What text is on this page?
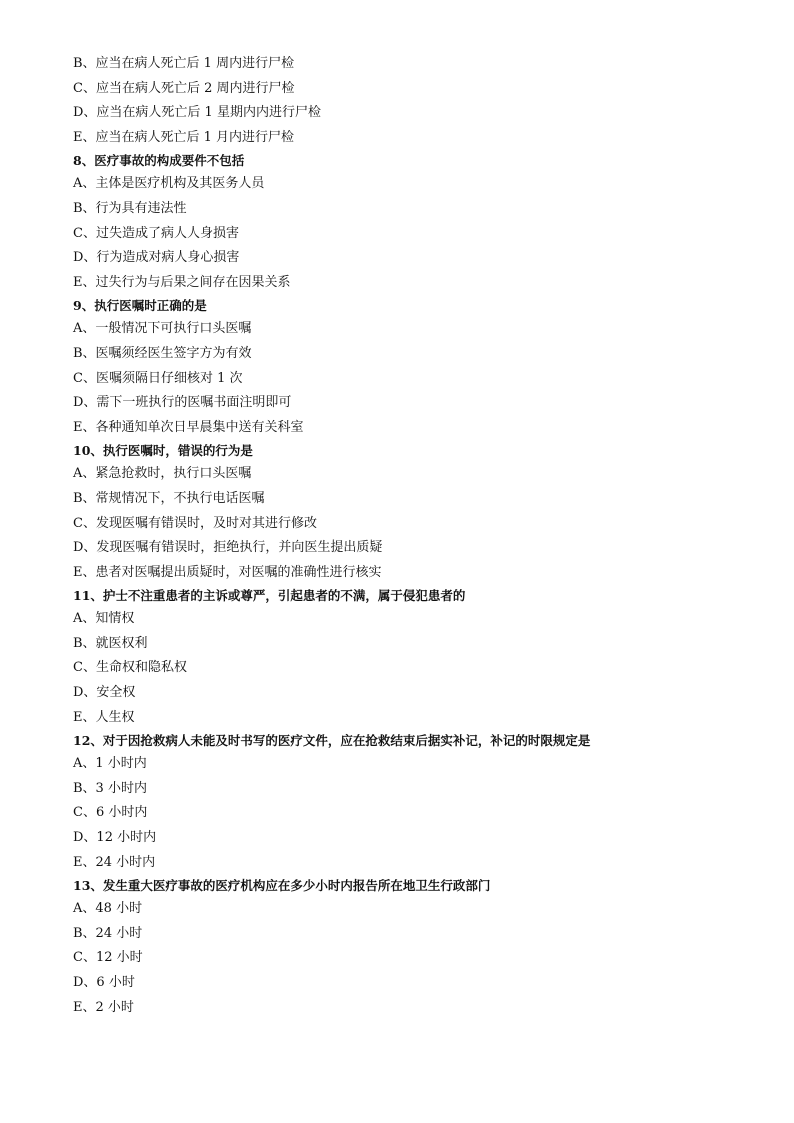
B、应当在病人死亡后 1 周内进行尸检
C、应当在病人死亡后 2 周内进行尸检
D、应当在病人死亡后 1 星期内内进行尸检
E、应当在病人死亡后 1 月内进行尸检
8、医疗事故的构成要件不包括
A、主体是医疗机构及其医务人员
B、行为具有违法性
C、过失造成了病人人身损害
D、行为造成对病人身心损害
E、过失行为与后果之间存在因果关系
9、执行医嘱时正确的是
A、一般情况下可执行口头医嘱
B、医嘱须经医生签字方为有效
C、医嘱须隔日仔细核对 1 次
D、需下一班执行的医嘱书面注明即可
E、各种通知单次日早晨集中送有关科室
10、执行医嘱时，错误的行为是
A、紧急抢救时，执行口头医嘱
B、常规情况下，不执行电话医嘱
C、发现医嘱有错误时，及时对其进行修改
D、发现医嘱有错误时，拒绝执行，并向医生提出质疑
E、患者对医嘱提出质疑时，对医嘱的准确性进行核实
11、护士不注重患者的主诉或尊严，引起患者的不满，属于侵犯患者的
A、知情权
B、就医权利
C、生命权和隐私权
D、安全权
E、人生权
12、对于因抢救病人未能及时书写的医疗文件，应在抢救结束后据实补记，补记的时限规定是
A、1 小时内
B、3 小时内
C、6 小时内
D、12 小时内
E、24 小时内
13、发生重大医疗事故的医疗机构应在多少小时内报告所在地卫生行政部门
A、48 小时
B、24 小时
C、12 小时
D、6 小时
E、2 小时
